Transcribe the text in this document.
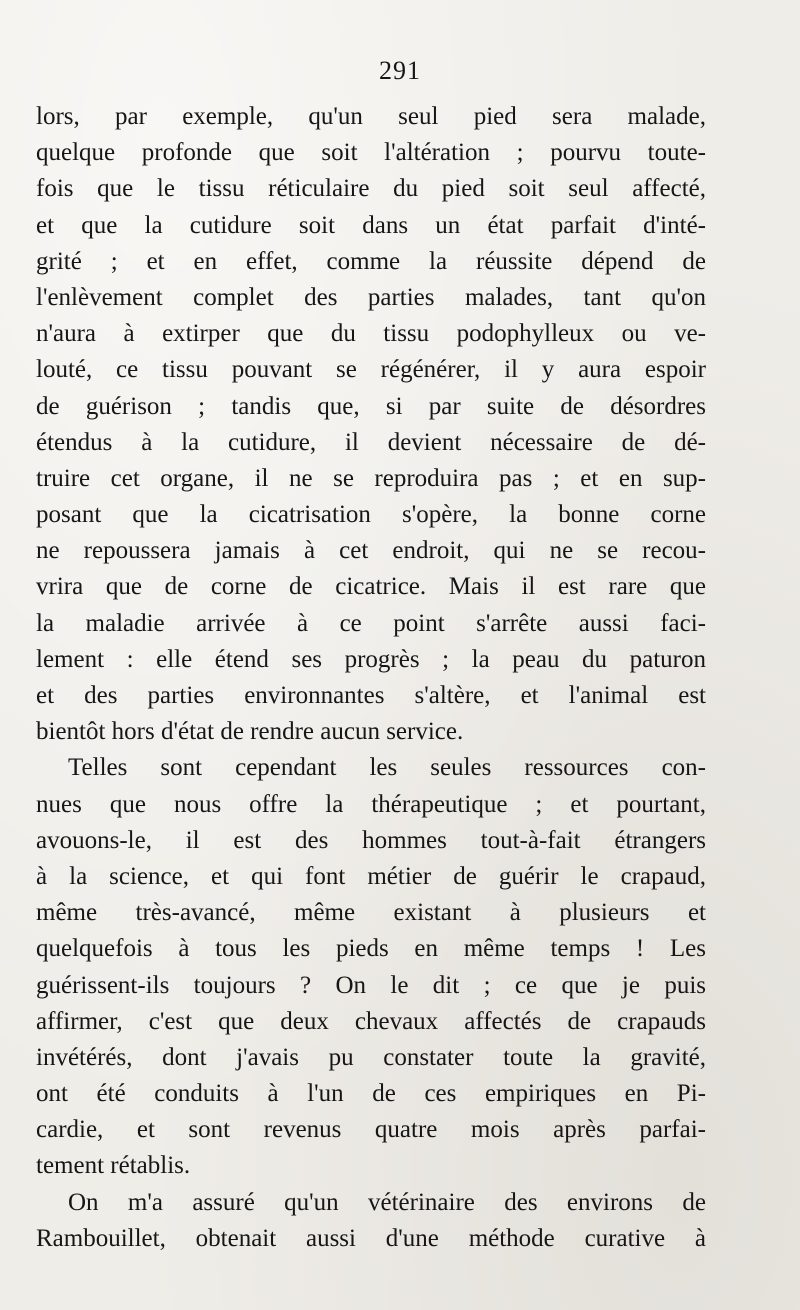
291
lors, par exemple, qu'un seul pied sera malade,
quelque profonde que soit l'altération ; pourvu toute-
fois que le tissu réticulaire du pied soit seul affecté,
et que la cutidure soit dans un état parfait d'inté-
grité ; et en effet, comme la réussite dépend de
l'enlèvement complet des parties malades, tant qu'on
n'aura à extirper que du tissu podophylleux ou ve-
louté, ce tissu pouvant se régénérer, il y aura espoir
de guérison ; tandis que, si par suite de désordres
étendus à la cutidure, il devient nécessaire de dé-
truire cet organe, il ne se reproduira pas ; et en sup-
posant que la cicatrisation s'opère, la bonne corne
ne repoussera jamais à cet endroit, qui ne se recou-
vrira que de corne de cicatrice. Mais il est rare que
la maladie arrivée à ce point s'arrête aussi faci-
lement : elle étend ses progrès ; la peau du paturon
et des parties environnantes s'altère, et l'animal est
bientôt hors d'état de rendre aucun service.
Telles sont cependant les seules ressources con-
nues que nous offre la thérapeutique ; et pourtant,
avouons-le, il est des hommes tout-à-fait étrangers
à la science, et qui font métier de guérir le crapaud,
même très-avancé, même existant à plusieurs et
quelquefois à tous les pieds en même temps ! Les
guérissent-ils toujours ? On le dit ; ce que je puis
affirmer, c'est que deux chevaux affectés de crapauds
invétérés, dont j'avais pu constater toute la gravité,
ont été conduits à l'un de ces empiriques en Pi-
cardie, et sont revenus quatre mois après parfai-
tement rétablis.
On m'a assuré qu'un vétérinaire des environs de
Rambouillet, obtenait aussi d'une méthode curative à
